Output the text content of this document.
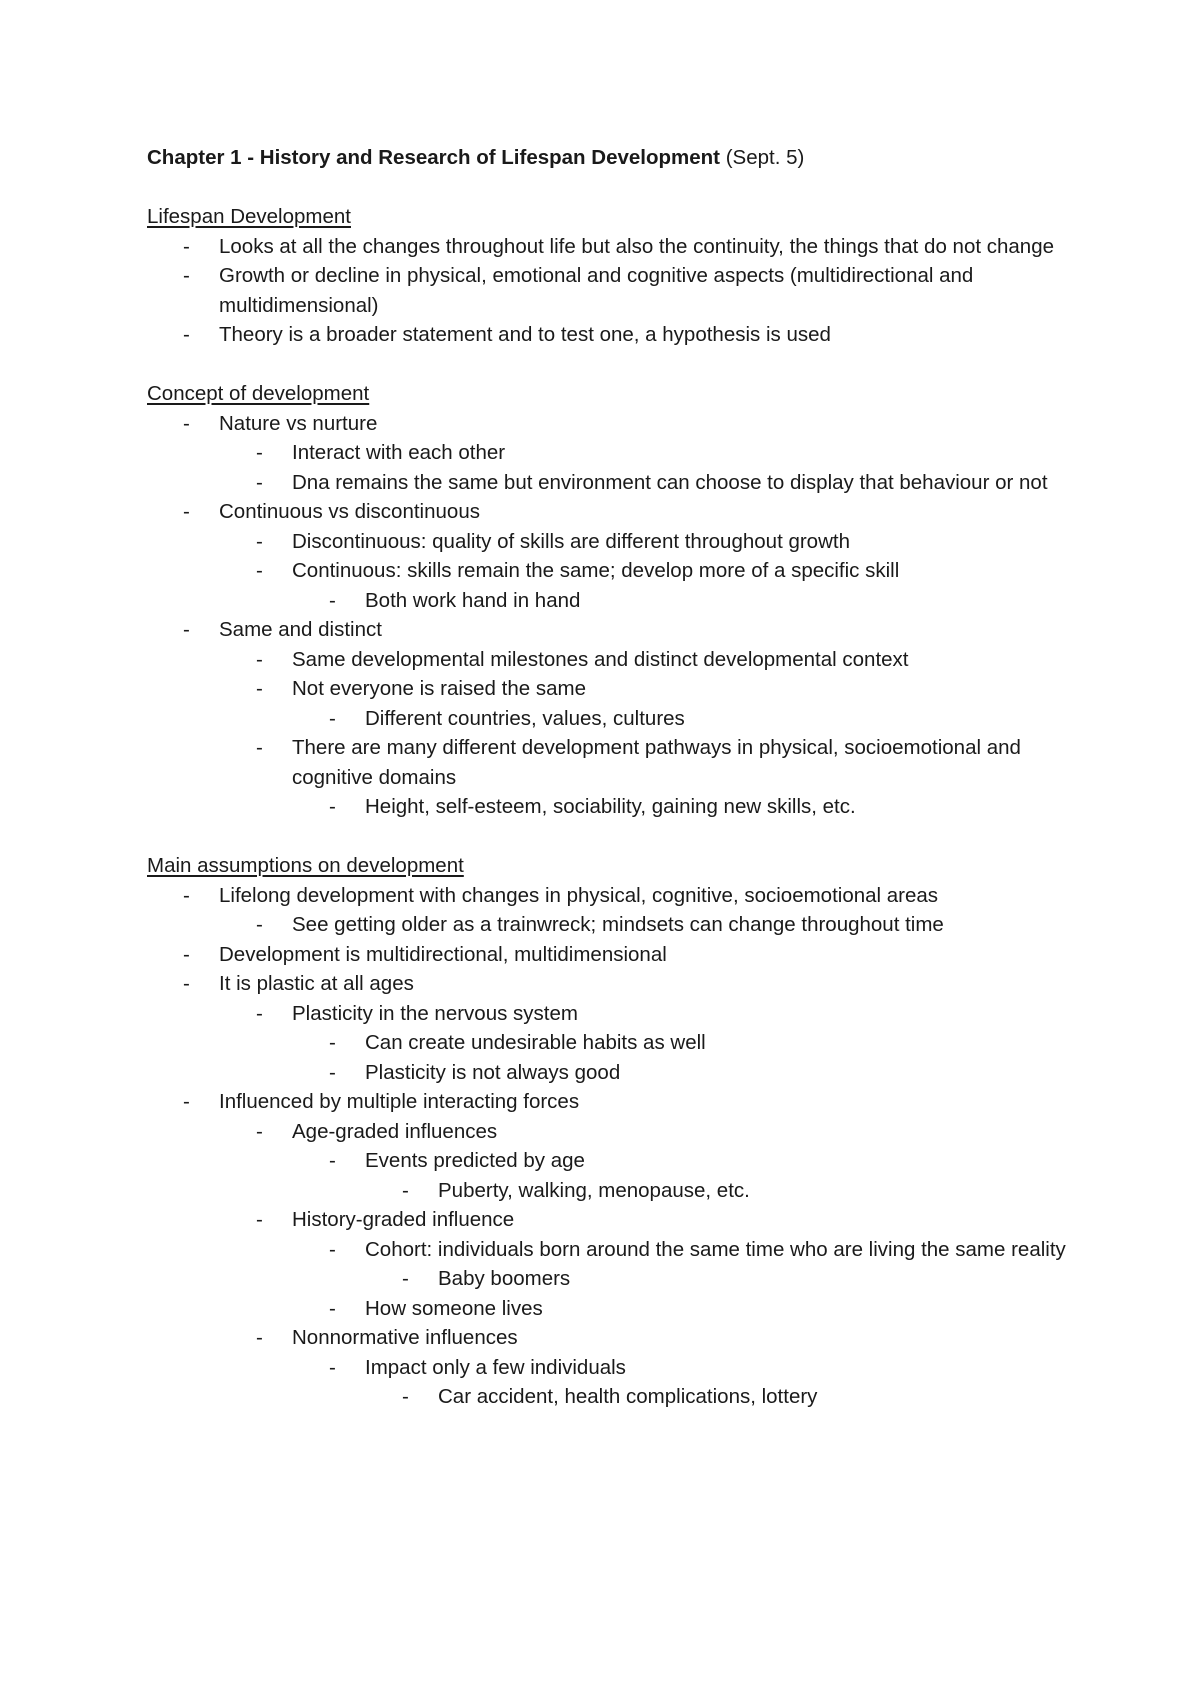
Chapter 1 - History and Research of Lifespan Development (Sept. 5)

Lifespan Development

- Looks at all the changes throughout life but also the continuity, the things that do not change

- Growth or decline in physical, emotional and cognitive aspects (multidirectional and multidimensional)

- Theory is a broader statement and to test one, a hypothesis is used

Concept of development

- Nature vs nurture

- Interact with each other

- Dna remains the same but environment can choose to display that behaviour or not

- Continuous vs discontinuous

- Discontinuous: quality of skills are different throughout growth

- Continuous: skills remain the same; develop more of a specific skill

- Both work hand in hand

- Same and distinct

- Same developmental milestones and distinct developmental context

- Not everyone is raised the same

- Different countries, values, cultures

- There are many different development pathways in physical, socioemotional and cognitive domains

- Height, self-esteem, sociability, gaining new skills, etc.

Main assumptions on development

- Lifelong development with changes in physical, cognitive, socioemotional areas

- See getting older as a trainwreck; mindsets can change throughout time

- Development is multidirectional, multidimensional

- It is plastic at all ages

- Plasticity in the nervous system

- Can create undesirable habits as well

- Plasticity is not always good

- Influenced by multiple interacting forces

- Age-graded influences

- Events predicted by age

- Puberty, walking, menopause, etc.

- History-graded influence

- Cohort: individuals born around the same time who are living the same reality

- Baby boomers

- How someone lives

- Nonnormative influences

- Impact only a few individuals

- Car accident, health complications, lottery
